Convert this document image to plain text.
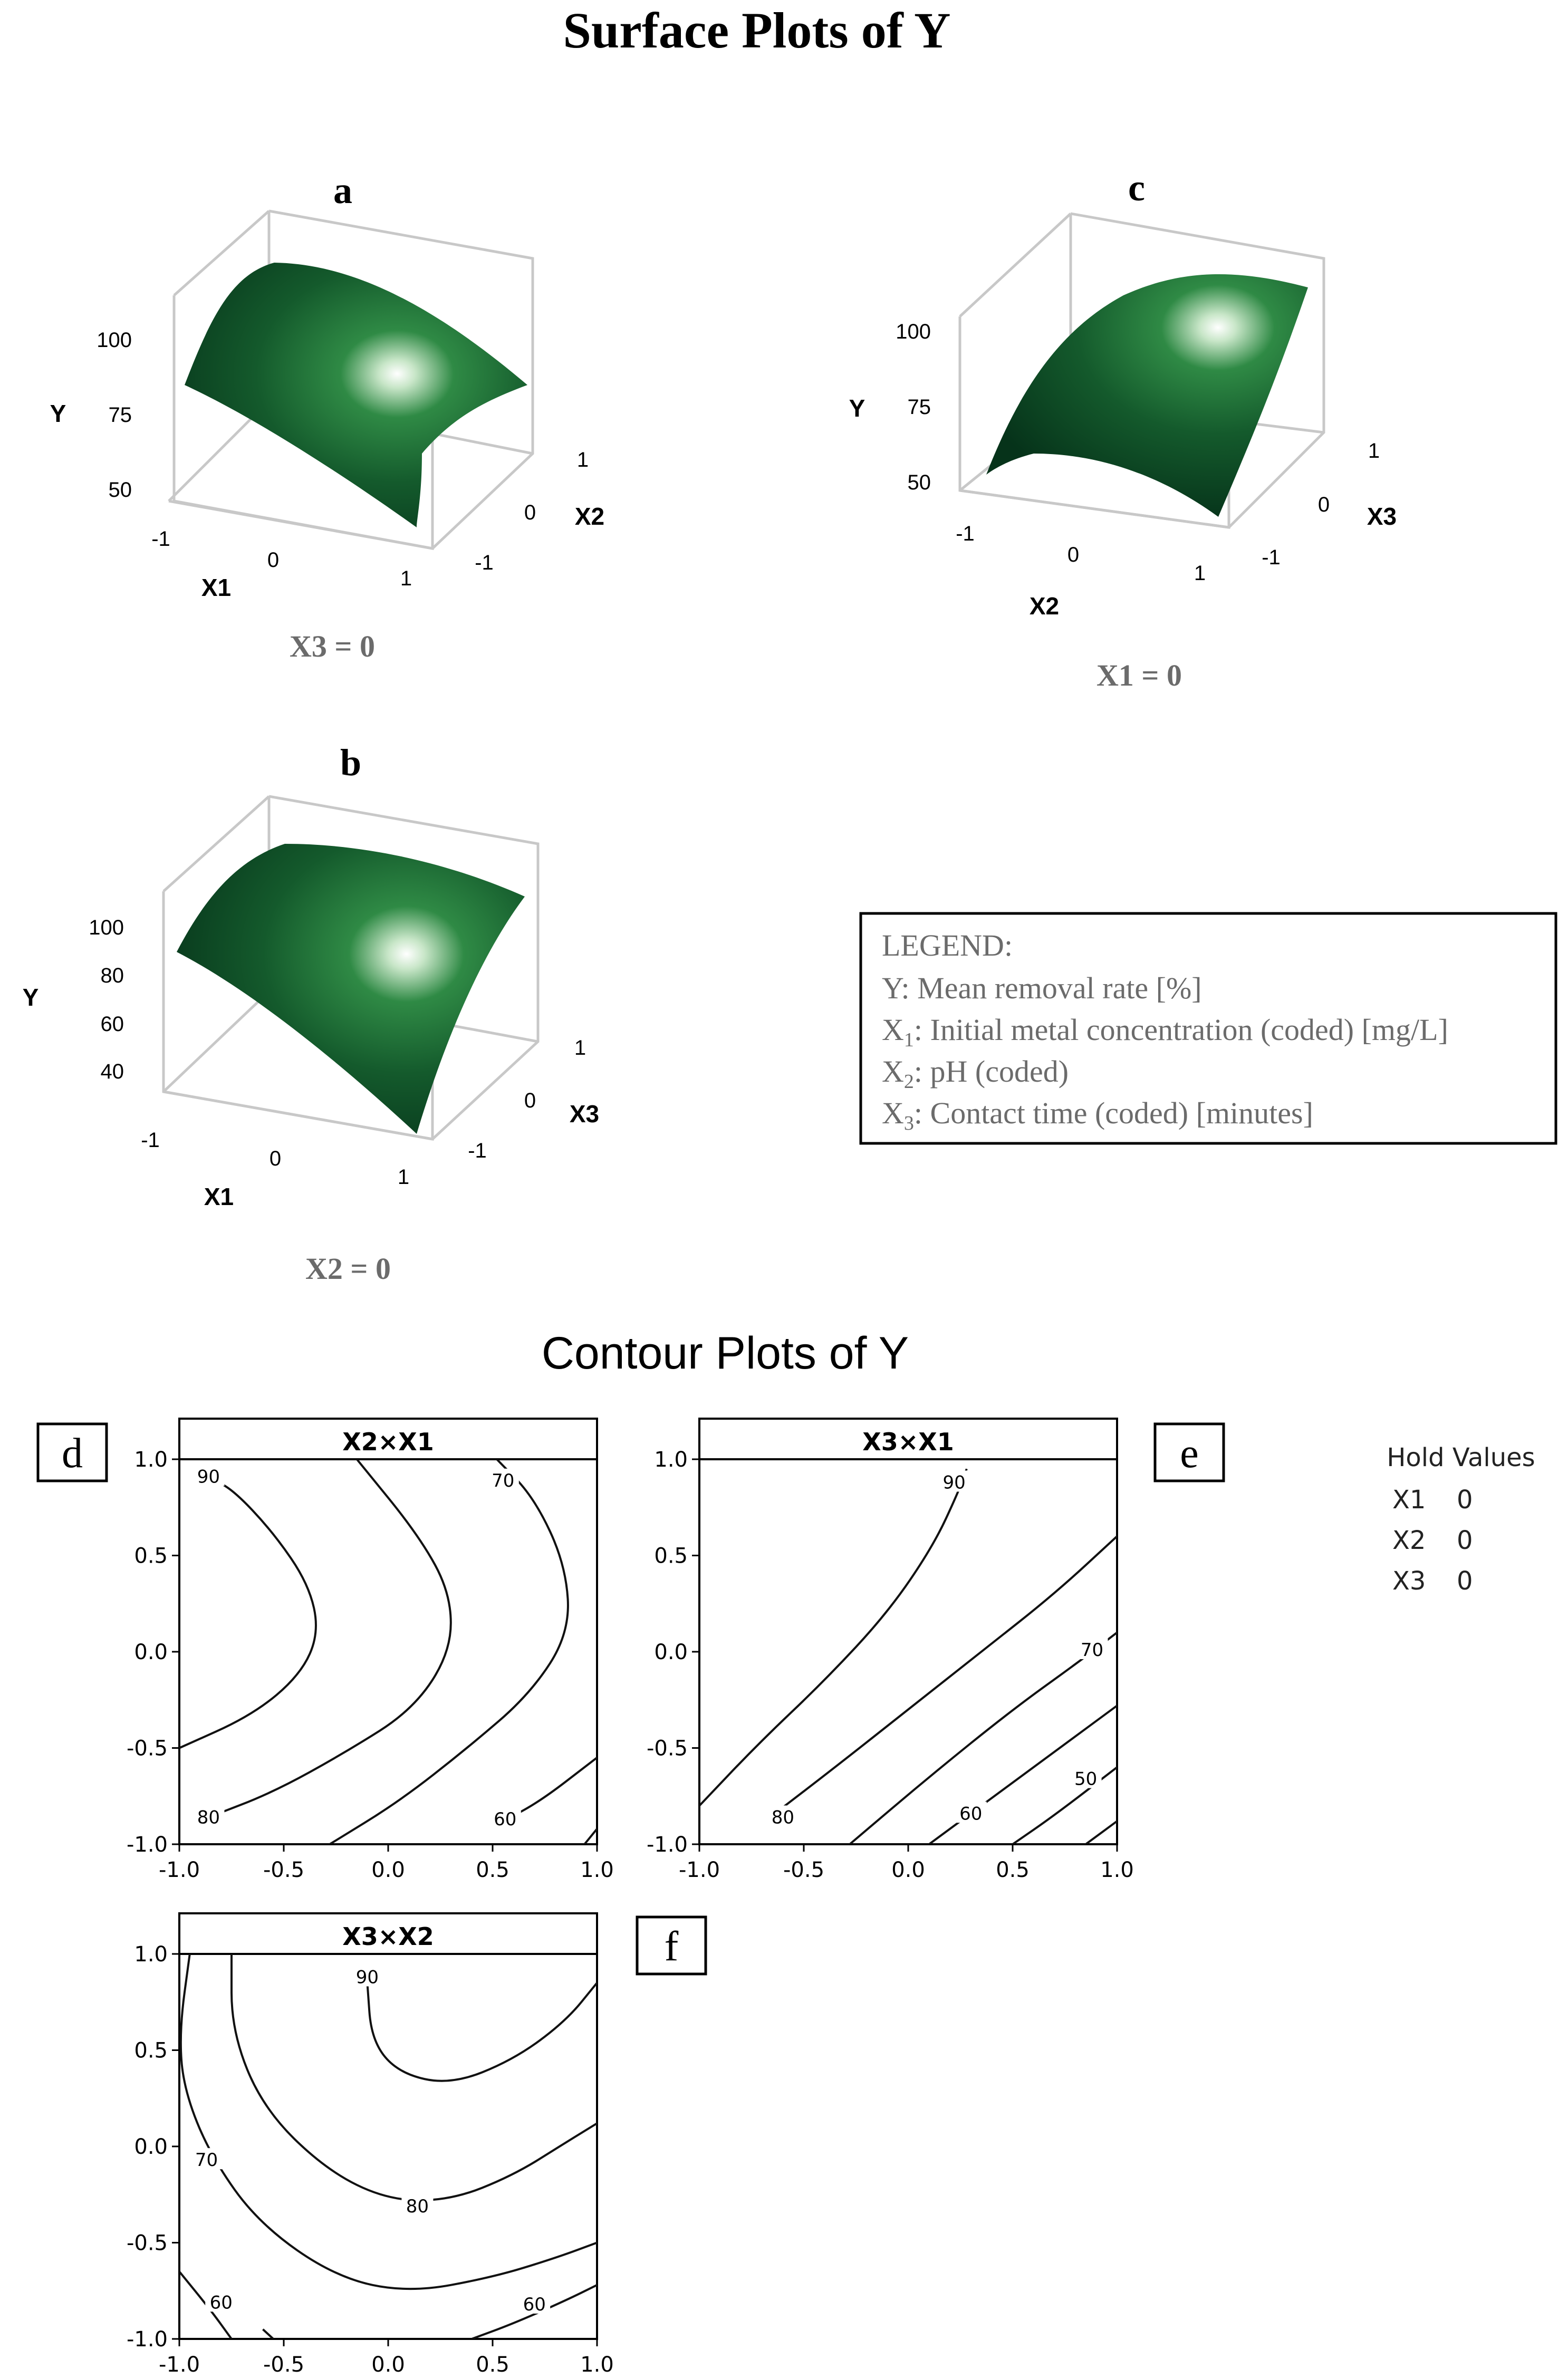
Surface Plots of Y
Contour Plots of Y
a
100
75
50
Y
-1
0
1
X1
1
0
-1
X2
X3 = 0
c
100
75
50
Y
-1
0
1
X2
1
0
-1
X3
X1 = 0
b
100
80
60
40
Y
-1
0
1
X1
1
0
-1
X3
X2 = 0
LEGEND:
Y: Mean removal rate [%]
$X_1$: Initial metal concentration (coded) [mg/L]
$X_2$: pH (coded)
$X_3$: Contact time (coded) [minutes]
Hold Values
X1 0
X2 0
X3 0
X2×X1
-1.0
-1.0
-0.5
-0.5
0.0
0.0
0.5
0.5
1.0
1.0
90
80
70
60
X3×X1
-1.0
-1.0
-0.5
-0.5
0.0
0.0
0.5
0.5
1.0
1.0
90
80
70
60
50
X3×X2
-1.0
-1.0
-0.5
-0.5
0.0
0.0
0.5
0.5
1.0
1.0
90
80
70
60	60
d	e
f
